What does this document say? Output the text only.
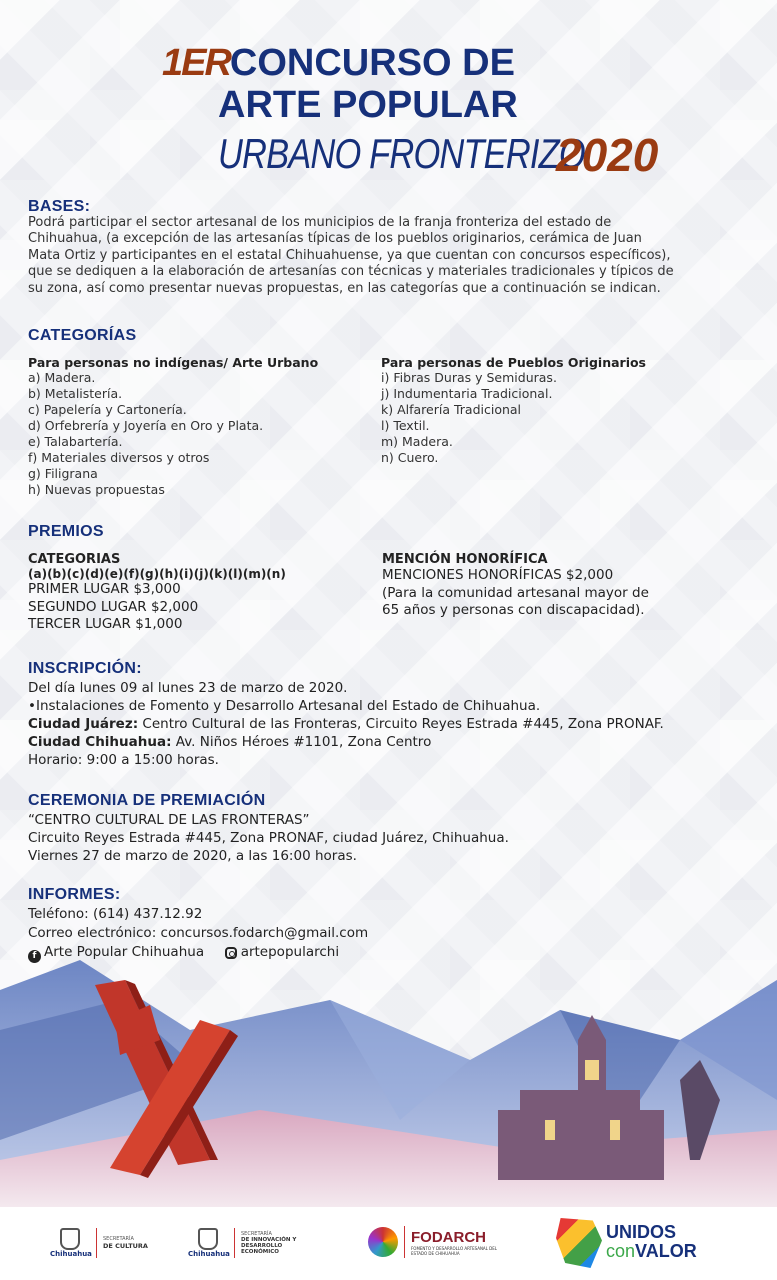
1ERCONCURSO DE
ARTE POPULAR
URBANO FRONTERIZO
2020
BASES:
Podrá participar el sector artesanal de los municipios de la franja fronteriza del estado de
Chihuahua, (a excepción de las artesanías típicas de los pueblos originarios, cerámica de Juan
Mata Ortiz y participantes en el estatal Chihuahuense, ya que cuentan con concursos específicos),
que se dediquen a la elaboración de artesanías con técnicas y materiales tradicionales y típicos de
su zona, así como presentar nuevas propuestas, en las categorías que a continuación se indican.
CATEGORÍAS
Para personas no indígenas/ Arte Urbano
a) Madera.
b) Metalistería.
c) Papelería y Cartonería.
d) Orfebrería y Joyería en Oro y Plata.
e) Talabartería.
f) Materiales diversos y otros
g) Filigrana
h) Nuevas propuestas
Para personas de Pueblos Originarios
i) Fibras Duras y Semiduras.
j) Indumentaria Tradicional.
k) Alfarería Tradicional
l) Textil.
m) Madera.
n) Cuero.
PREMIOS
CATEGORIAS
(a)(b)(c)(d)(e)(f)(g)(h)(i)(j)(k)(l)(m)(n)
PRIMER LUGAR $3,000
SEGUNDO LUGAR $2,000
TERCER LUGAR $1,000
MENCIÓN HONORÍFICA
MENCIONES HONORÍFICAS $2,000
(Para la comunidad artesanal mayor de
65 años y personas con discapacidad).
INSCRIPCIÓN:
Del día lunes 09 al lunes 23 de marzo de 2020.
•Instalaciones de Fomento y Desarrollo Artesanal del Estado de Chihuahua.
Ciudad Juárez: Centro Cultural de las Fronteras, Circuito Reyes Estrada #445, Zona PRONAF.
Ciudad Chihuahua: Av. Niños Héroes #1101, Zona Centro
Horario: 9:00 a 15:00 horas.
CEREMONIA DE PREMIACIÓN
“CENTRO CULTURAL DE LAS FRONTERAS”
Circuito Reyes Estrada #445, Zona PRONAF, ciudad Juárez, Chihuahua.
Viernes 27 de marzo de 2020, a las 16:00 horas.
INFORMES:
Teléfono: (614) 437.12.92
Correo electrónico: concursos.fodarch@gmail.com
f Arte Popular Chihuahua	artepopularchi
Chihuahua
SECRETARÍA
DE CULTURA
Chihuahua
SECRETARÍA
DE INNOVACIÓN Y DESARROLLO ECONÓMICO
FODARCH
FOMENTO Y DESARROLLO ARTESANAL DEL ESTADO DE CHIHUAHUA
UNIDOS
conVALOR
